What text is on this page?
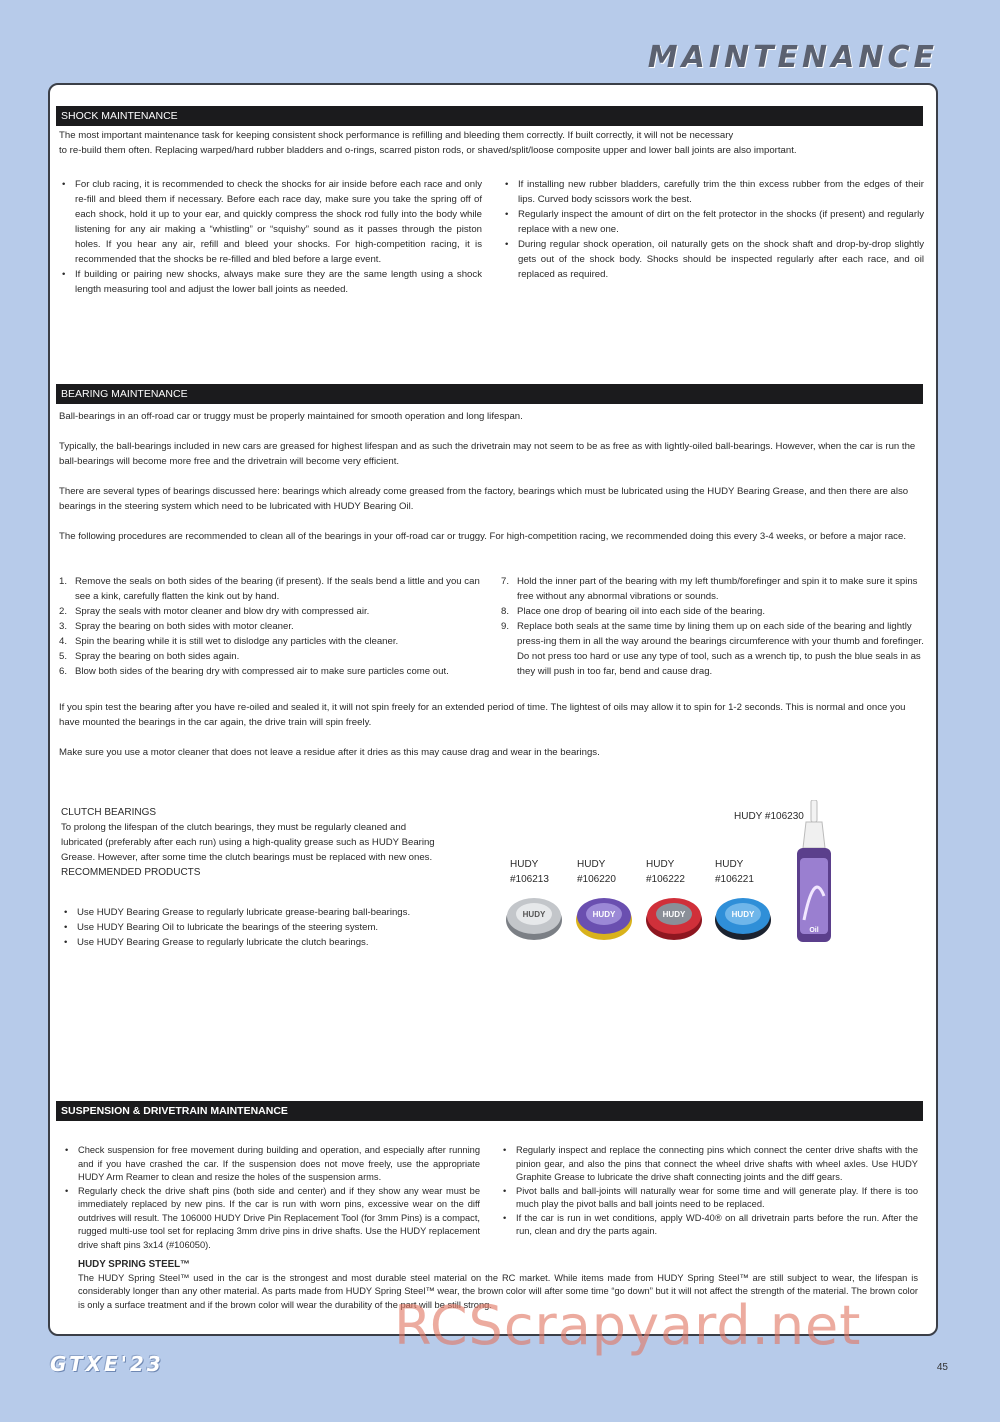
MAINTENANCE
SHOCK MAINTENANCE

The most important maintenance task for keeping consistent shock performance is refilling and bleeding them correctly. If built correctly, it will not be necessary

to re-build them often. Replacing warped/hard rubber bladders and o-rings, scarred piston rods, or shaved/split/loose composite upper and lower ball joints are also important.

• For club racing, it is recommended to check the shocks for air inside before each race and only re-fill and bleed them if necessary. Before each race day, make sure you take the spring off of each shock, hold it up to your ear, and quickly compress the shock rod fully into the body while listening for any air making a “whistling” or “squishy” sound as it passes through the piston holes. If you hear any air, refill and bleed your shocks. For high-competition racing, it is recommended that the shocks be re-filled and bled before a large event.
• If building or pairing new shocks, always make sure they are the same length using a shock length measuring tool and adjust the lower ball joints as needed.
• If installing new rubber bladders, carefully trim the thin excess rubber from the edges of their lips. Curved body scissors work the best.
• Regularly inspect the amount of dirt on the felt protector in the shocks (if present) and regularly replace with a new one.
• During regular shock operation, oil naturally gets on the shock shaft and drop-by-drop slightly gets out of the shock body. Shocks should be inspected regularly after each race, and oil replaced as required.
BEARING MAINTENANCE

Ball-bearings in an off-road car or truggy must be properly maintained for smooth operation and long lifespan.

Typically, the ball-bearings included in new cars are greased for highest lifespan and as such the drivetrain may not seem to be as free as with lightly-oiled ball-bearings. However, when the car is run the ball-bearings will become more free and the drivetrain will become very efficient.

There are several types of bearings discussed here: bearings which already come greased from the factory, bearings which must be lubricated using the HUDY Bearing Grease, and then there are also bearings in the steering system which need to be lubricated with HUDY Bearing Oil.

The following procedures are recommended to clean all of the bearings in your off-road car or truggy. For high-competition racing, we recommended doing this every 3-4 weeks, or before a major race.

1. Remove the seals on both sides of the bearing (if present). If the seals bend a little and you can see a kink, carefully flatten the kink out by hand.
2. Spray the seals with motor cleaner and blow dry with compressed air.
3. Spray the bearing on both sides with motor cleaner.
4. Spin the bearing while it is still wet to dislodge any particles with the cleaner.
5. Spray the bearing on both sides again.
6. Blow both sides of the bearing dry with compressed air to make sure particles come out.
7. Hold the inner part of the bearing with my left thumb/forefinger and spin it to make sure it spins free without any abnormal vibrations or sounds.
8. Place one drop of bearing oil into each side of the bearing.
9. Replace both seals at the same time by lining them up on each side of the bearing and lightly press-ing them in all the way around the bearings circumference with your thumb and forefinger. Do not press too hard or use any type of tool, such as a wrench tip, to push the blue seals in as they will push in too far, bend and cause drag.

If you spin test the bearing after you have re-oiled and sealed it, it will not spin freely for an extended period of time. The lightest of oils may allow it to spin for 1-2 seconds. This is normal and once you have mounted the bearings in the car again, the drive train will spin freely.

Make sure you use a motor cleaner that does not leave a residue after it dries as this may cause drag and wear in the bearings.

CLUTCH BEARINGS

To prolong the lifespan of the clutch bearings, they must be regularly cleaned and lubricated (preferably after each run) using a high-quality grease such as HUDY Bearing Grease. However, after some time the clutch bearings must be replaced with new ones.

RECOMMENDED PRODUCTS

• Use HUDY Bearing Grease to regularly lubricate grease-bearing ball-bearings.
• Use HUDY Bearing Oil to lubricate the bearings of the steering system.
• Use HUDY Bearing Grease to regularly lubricate the clutch bearings.
HUDY
#106213
HUDY
#106220
HUDY
#106222
HUDY
#106221
HUDY #106230
HUDY	HUDY	HUDY	HUDY
Oil
SUSPENSION & DRIVETRAIN MAINTENANCE
• Check suspension for free movement during building and operation, and especially after running and if you have crashed the car. If the suspension does not move freely, use the appropriate HUDY Arm Reamer to clean and resize the holes of the suspension arms.
• Regularly check the drive shaft pins (both side and center) and if they show any wear must be immediately replaced by new pins. If the car is run with worn pins, excessive wear on the diff outdrives will result. The 106000 HUDY Drive Pin Replacement Tool (for 3mm Pins) is a compact, rugged multi-use tool set for replacing 3mm drive pins in drive shafts. Use the HUDY replacement drive shaft pins 3x14 (#106050).
• Regularly inspect and replace the connecting pins which connect the center drive shafts with the pinion gear, and also the pins that connect the wheel drive shafts with wheel axles. Use HUDY Graphite Grease to lubricate the drive shaft connecting joints and the diff gears.
• Pivot balls and ball-joints will naturally wear for some time and will generate play. If there is too much play the pivot balls and ball joints need to be replaced.
• If the car is run in wet conditions, apply WD-40® on all drivetrain parts before the run. After the run, clean and dry the parts again.

HUDY SPRING STEEL™

The HUDY Spring Steel™ used in the car is the strongest and most durable steel material on the RC market. While items made from HUDY Spring Steel™ are still subject to wear, the lifespan is considerably longer than any other material. As parts made from HUDY Spring Steel™ wear, the brown color will after some time “go down” but it will not affect the strength of the material. The brown color is only a surface treatment and if the brown color will wear the durability of the part will be still strong.

GTXE'23	45
RCScrapyard.net
